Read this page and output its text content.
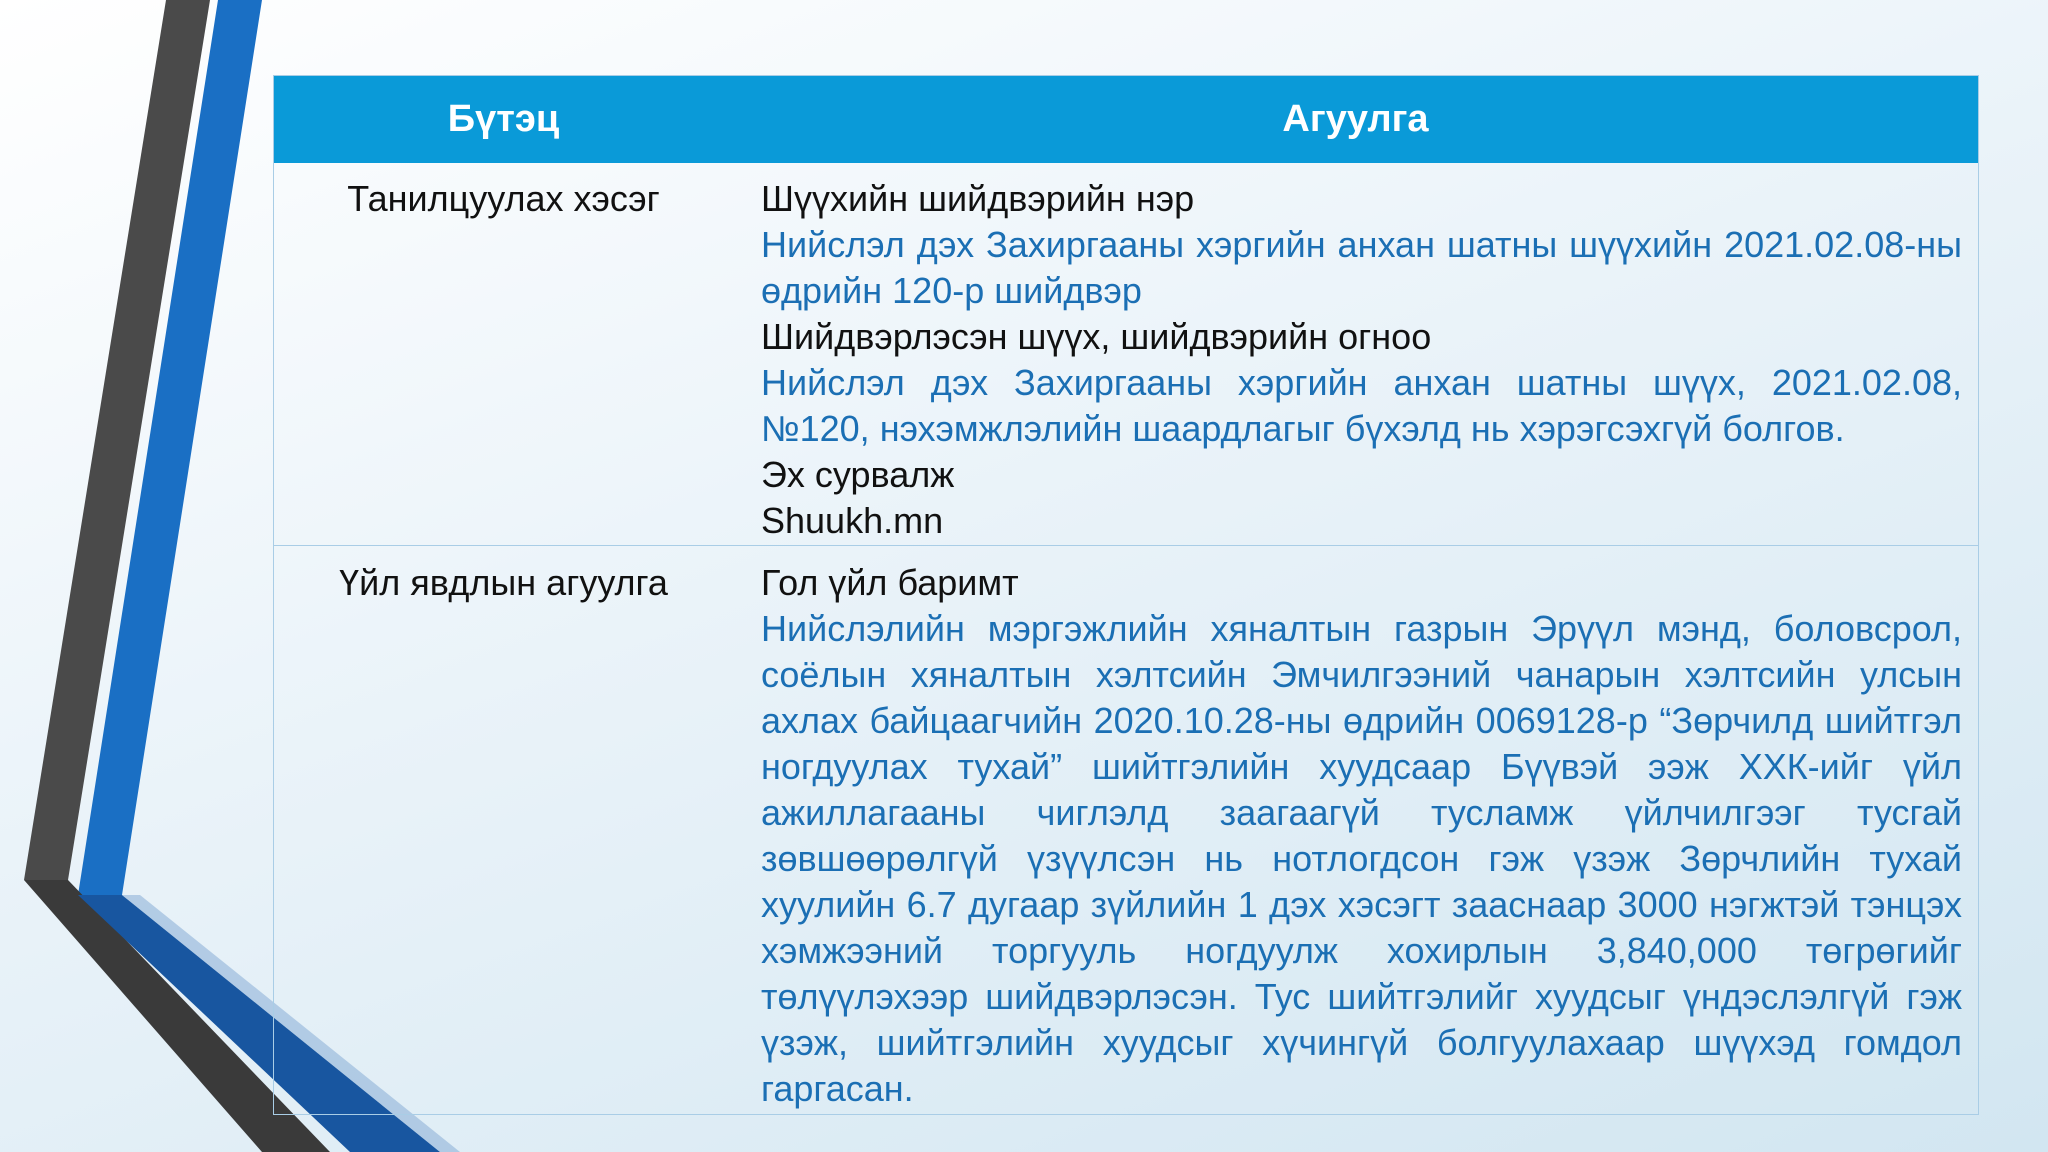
Бүтэц	Агуулга
Танилцуулах хэсэг	Шүүхийн шийдвэрийн нэр
Нийслэл дэх Захиргааны хэргийн анхан шатны шүүхийн 2021.02.08-ны өдрийн 120-р шийдвэр
Шийдвэрлэсэн шүүх, шийдвэрийн огноо
Нийслэл дэх Захиргааны хэргийн анхан шатны шүүх, 2021.02.08, №120, нэхэмжлэлийн шаардлагыг бүхэлд нь хэрэгсэхгүй болгов.
Эх сурвалж
Shuukh.mn
Үйл явдлын агуулга	Гол үйл баримт
Нийслэлийн мэргэжлийн хяналтын газрын Эрүүл мэнд, боловсрол, соёлын хяналтын хэлтсийн Эмчилгээний чанарын хэлтсийн улсын ахлах байцаагчийн 2020.10.28-ны өдрийн 0069128-р “Зөрчилд шийтгэл ногдуулах тухай” шийтгэлийн хуудсаар Бүүвэй ээж ХХК-ийг үйл ажиллагааны чиглэлд заагаагүй тусламж үйлчилгээг тусгай зөвшөөрөлгүй үзүүлсэн нь нотлогдсон гэж үзэж Зөрчлийн тухай хуулийн 6.7 дугаар зүйлийн 1 дэх хэсэгт зааснаар 3000 нэгжтэй тэнцэх хэмжээний торгууль ногдуулж хохирлын 3,840,000 төгрөгийг төлүүлэхээр шийдвэрлэсэн. Тус шийтгэлийг хуудсыг үндэслэлгүй гэж үзэж, шийтгэлийн хуудсыг хүчингүй болгуулахаар шүүхэд гомдол гаргасан.
